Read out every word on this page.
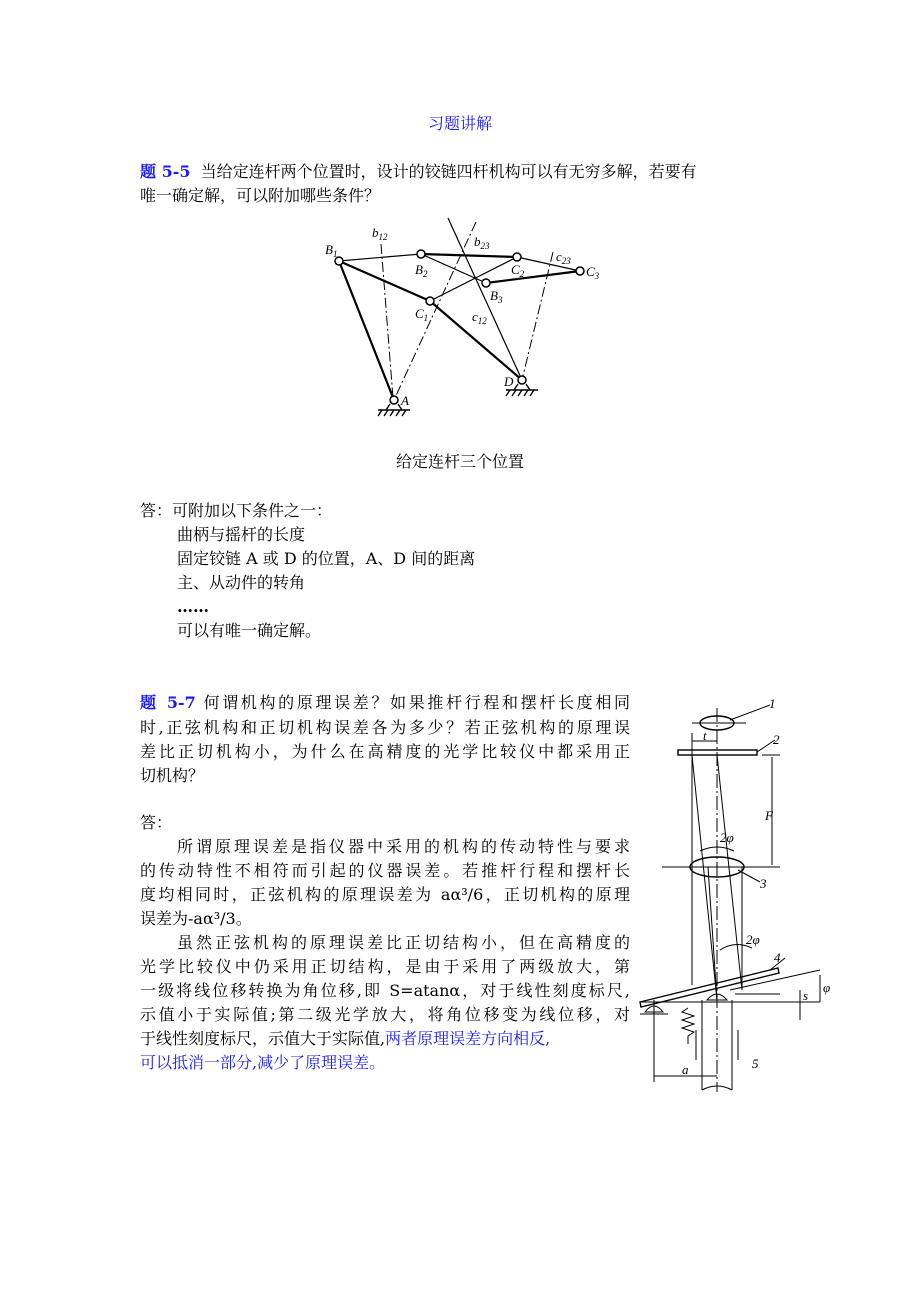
习题讲解
题 5-5 当给定连杆两个位置时，设计的铰链四杆机构可以有无穷多解，若要有
唯一确定解，可以附加哪些条件？
$B_1$
$B_2$
$B_3$
$C_1$
$C_2$	$C_3$
$b_{12}$	$b_{23}$
$c_{12}$
$c_{23}$
A
D
1
2
3
4
5
t
F
2φ
2φ
s
φ
a
给定连杆三个位置
答：可附加以下条件之一：
曲柄与摇杆的长度
固定铰链 A 或 D 的位置，A、D 间的距离
主、从动件的转角
……
可以有唯一确定解。
题 5-7 何谓机构的原理误差？如果推杆行程和摆杆长度相同
时,正弦机构和正切机构误差各为多少？若正弦机构的原理误
差比正切机构小，为什么在高精度的光学比较仪中都采用正
切机构？
答：
所谓原理误差是指仪器中采用的机构的传动特性与要求
的传动特性不相符而引起的仪器误差。若推杆行程和摆杆长
度均相同时，正弦机构的原理误差为 aα³/6，正切机构的原理
误差为-aα³/3。
虽然正弦机构的原理误差比正切结构小，但在高精度的
光学比较仪中仍采用正切结构，是由于采用了两级放大，第
一级将线位移转换为角位移,即 S=atanα，对于线性刻度标尺,
示值小于实际值;第二级光学放大，将角位移变为线位移，对
于线性刻度标尺，示值大于实际值,两者原理误差方向相反,
可以抵消一部分,减少了原理误差。
